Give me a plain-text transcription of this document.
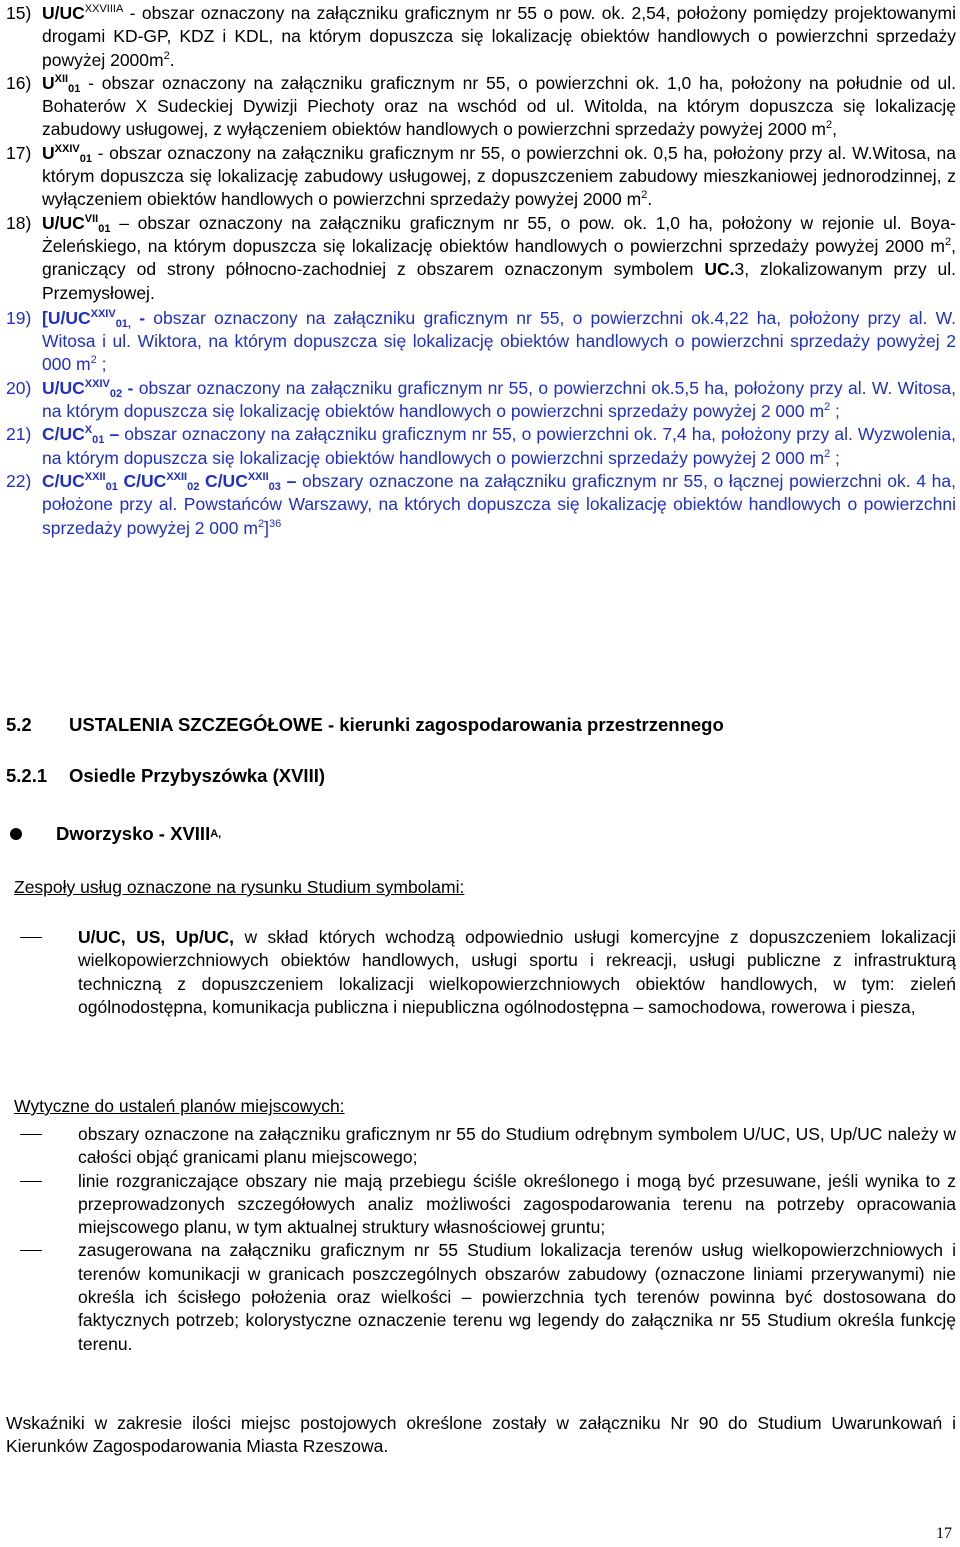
15) $U/UC^{XXVIIIA}$ - obszar oznaczony na załączniku graficznym nr 55 o pow. ok. 2,54, położony pomiędzy projektowanymi drogami KD-GP, KDZ i KDL, na którym dopuszcza się lokalizację obiektów handlowych o powierzchni sprzedaży powyżej $2000m^2$.
16) $U^{XII}_{01}$ - obszar oznaczony na załączniku graficznym nr 55, o powierzchni ok. 1,0 ha, położony na południe od ul. Bohaterów X Sudeckiej Dywizji Piechoty oraz na wschód od ul. Witolda, na którym dopuszcza się lokalizację zabudowy usługowej, z wyłączeniem obiektów handlowych o powierzchni sprzedaży powyżej 2000 $m^2$,
17) $U^{XXIV}_{01}$ - obszar oznaczony na załączniku graficznym nr 55, o powierzchni ok. 0,5 ha, położony przy al. W.Witosa, na którym dopuszcza się lokalizację zabudowy usługowej, z dopuszczeniem zabudowy mieszkaniowej jednorodzinnej, z wyłączeniem obiektów handlowych o powierzchni sprzedaży powyżej 2000 $m^2$.
18) $U/UC^{VII}_{01}$ – obszar oznaczony na załączniku graficznym nr 55, o pow. ok. 1,0 ha, położony w rejonie ul. Boya-Żeleńskiego, na którym dopuszcza się lokalizację obiektów handlowych o powierzchni sprzedaży powyżej 2000 $m^2$, graniczący od strony północno-zachodniej z obszarem oznaczonym symbolem UC.3, zlokalizowanym przy ul. Przemysłowej.
19) [$U/UC^{XXIV}_{01,}$ - obszar oznaczony na załączniku graficznym nr 55, o powierzchni ok.4,22 ha, położony przy al. W. Witosa i ul. Wiktora, na którym dopuszcza się lokalizację obiektów handlowych o powierzchni sprzedaży powyżej 2 000 $m^2$ ;
20) $U/UC^{XXIV}_{02}$ - obszar oznaczony na załączniku graficznym nr 55, o powierzchni ok.5,5 ha, położony przy al. W. Witosa, na którym dopuszcza się lokalizację obiektów handlowych o powierzchni sprzedaży powyżej 2 000 $m^2$ ;
21) $C/UC^X_{01}$ – obszar oznaczony na załączniku graficznym nr 55, o powierzchni ok. 7,4 ha, położony przy al. Wyzwolenia, na którym dopuszcza się lokalizację obiektów handlowych o powierzchni sprzedaży powyżej 2 000 $m^2$ ;
22) $C/UC^{XXII}_{01}$ $C/UC^{XXII}_{02}$ $C/UC^{XXII}_{03}$ – obszary oznaczone na załączniku graficznym nr 55, o łącznej powierzchni ok. 4 ha, położone przy al. Powstańców Warszawy, na których dopuszcza się lokalizację obiektów handlowych o powierzchni sprzedaży powyżej 2 000 $m^2]^{36}$
5.2 USTALENIA SZCZEGÓŁOWE - kierunki zagospodarowania przestrzennego
5.2.1 Osiedle Przybyszówka (XVIII)
Dworzysko - XVIII A,
Zespoły usług oznaczone na rysunku Studium symbolami:
U/UC, US, Up/UC, w skład których wchodzą odpowiednio usługi komercyjne z dopuszczeniem lokalizacji wielkopowierzchniowych obiektów handlowych, usługi sportu i rekreacji, usługi publiczne z infrastrukturą techniczną z dopuszczeniem lokalizacji wielkopowierzchniowych obiektów handlowych, w tym: zieleń ogólnodostępna, komunikacja publiczna i niepubliczna ogólnodostępna – samochodowa, rowerowa i piesza,
Wytyczne do ustaleń planów miejscowych:
obszary oznaczone na załączniku graficznym nr 55 do Studium odrębnym symbolem U/UC, US, Up/UC należy w całości objąć granicami planu miejscowego;
linie rozgraniczające obszary nie mają przebiegu ściśle określonego i mogą być przesuwane, jeśli wynika to z przeprowadzonych szczegółowych analiz możliwości zagospodarowania terenu na potrzeby opracowania miejscowego planu, w tym aktualnej struktury własnościowej gruntu;
zasugerowana na załączniku graficznym nr 55 Studium lokalizacja terenów usług wielkopowierzchniowych i terenów komunikacji w granicach poszczególnych obszarów zabudowy (oznaczone liniami przerywanymi) nie określa ich ścisłego położenia oraz wielkości – powierzchnia tych terenów powinna być dostosowana do faktycznych potrzeb; kolorystyczne oznaczenie terenu wg legendy do załącznika nr 55 Studium określa funkcję terenu.
Wskaźniki w zakresie ilości miejsc postojowych określone zostały w załączniku Nr 90 do Studium Uwarunkowań i Kierunków Zagospodarowania Miasta Rzeszowa.
17
